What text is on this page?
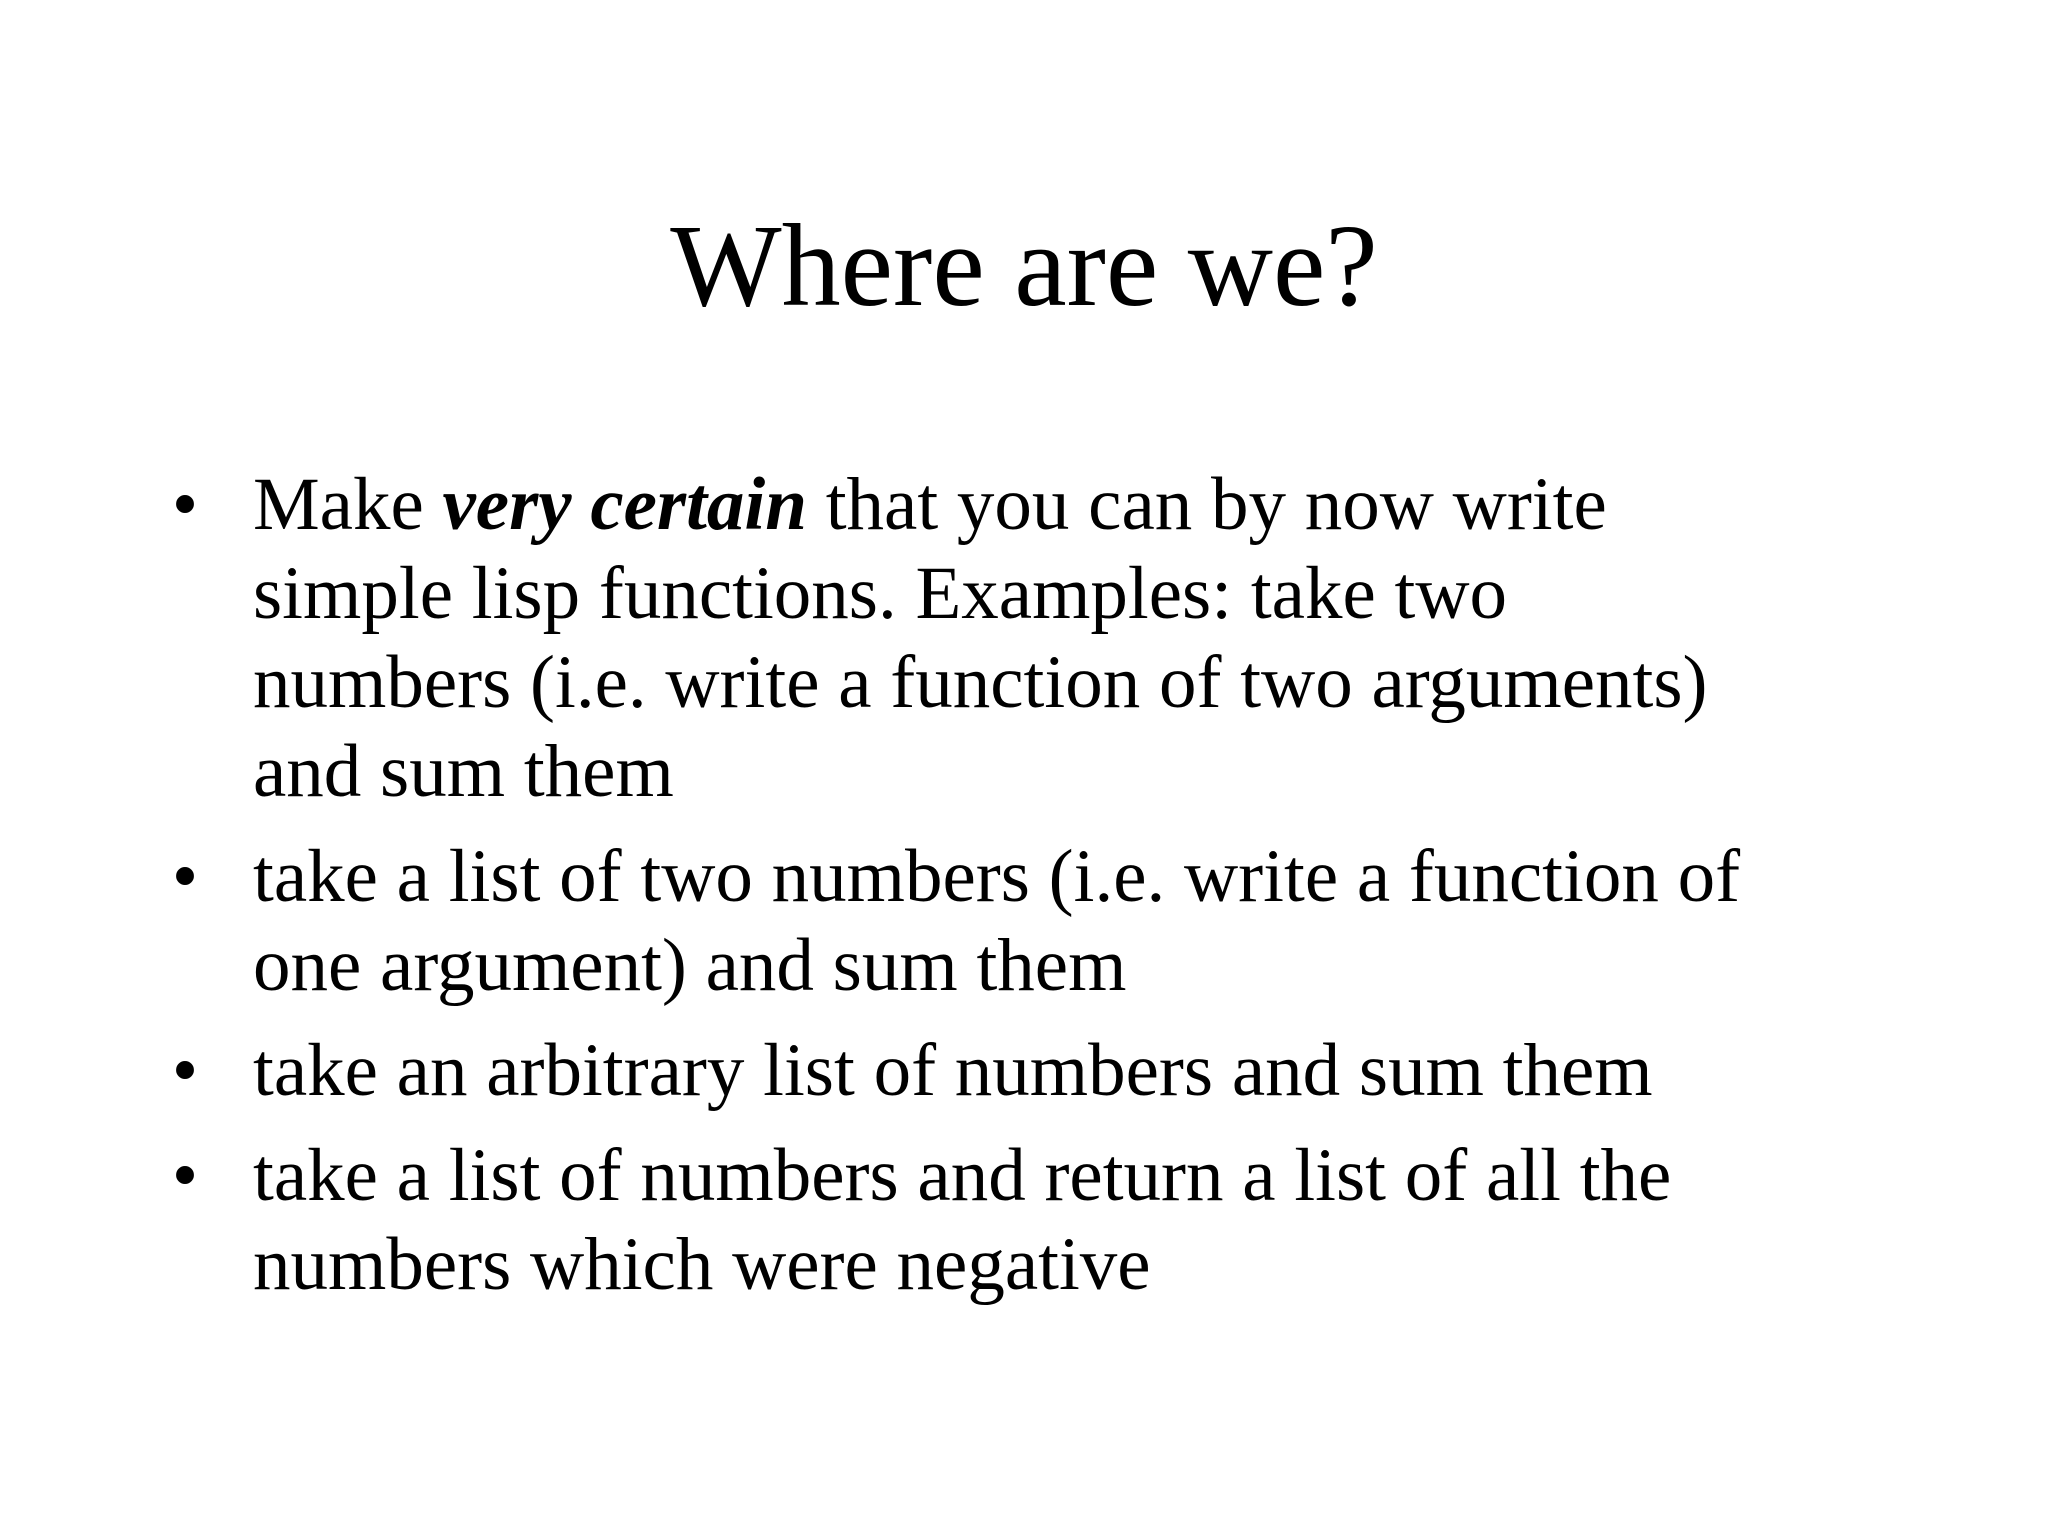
Where are we?
• Make very certain that you can by now write
simple lisp functions. Examples: take two
numbers (i.e. write a function of two arguments)
and sum them
• take a list of two numbers (i.e. write a function of
one argument) and sum them
• take an arbitrary list of numbers and sum them
• take a list of numbers and return a list of all the
numbers which were negative
